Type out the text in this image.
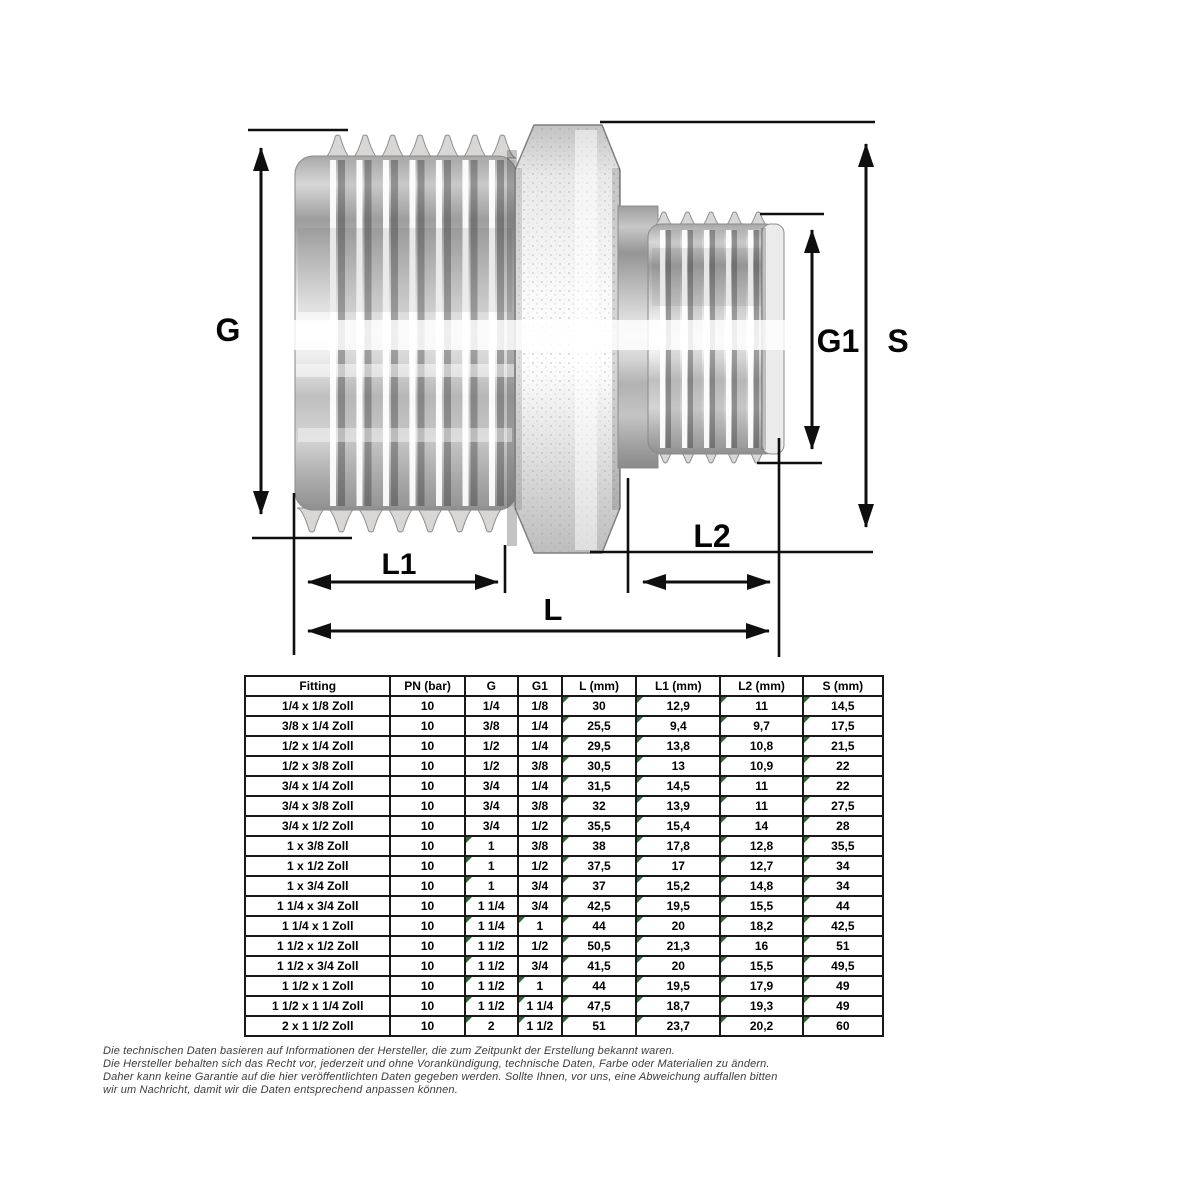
G	G1 S
L1
L2
L
Fitting	PN (bar)	G	G1	L (mm)	L1 (mm)	L2 (mm)	S (mm)
1/4 x 1/8 Zoll	10	1/4	1/8	30	12,9	11	14,5
3/8 x 1/4 Zoll	10	3/8	1/4	25,5	9,4	9,7	17,5
1/2 x 1/4 Zoll	10	1/2	1/4	29,5	13,8	10,8	21,5
1/2 x 3/8 Zoll	10	1/2	3/8	30,5	13	10,9	22
3/4 x 1/4 Zoll	10	3/4	1/4	31,5	14,5	11	22
3/4 x 3/8 Zoll	10	3/4	3/8	32	13,9	11	27,5
3/4 x 1/2 Zoll	10	3/4	1/2	35,5	15,4	14	28
1 x 3/8 Zoll	10	1	3/8	38	17,8	12,8	35,5
1 x 1/2 Zoll	10	1	1/2	37,5	17	12,7	34
1 x 3/4 Zoll	10	1	3/4	37	15,2	14,8	34
1 1/4 x 3/4 Zoll	10	1 1/4	3/4	42,5	19,5	15,5	44
1 1/4 x 1 Zoll	10	1 1/4	1	44	20	18,2	42,5
1 1/2 x 1/2 Zoll	10	1 1/2	1/2	50,5	21,3	16	51
1 1/2 x 3/4 Zoll	10	1 1/2	3/4	41,5	20	15,5	49,5
1 1/2 x 1 Zoll	10	1 1/2	1	44	19,5	17,9	49
1 1/2 x 1 1/4 Zoll	10	1 1/2	1 1/4	47,5	18,7	19,3	49
2 x 1 1/2 Zoll	10	2	1 1/2	51	23,7	20,2	60
Die technischen Daten basieren auf Informationen der Hersteller, die zum Zeitpunkt der Erstellung bekannt waren.
Die Hersteller behalten sich das Recht vor, jederzeit und ohne Vorankündigung, technische Daten, Farbe oder Materialien zu ändern.
Daher kann keine Garantie auf die hier veröffentlichten Daten gegeben werden. Sollte Ihnen, vor uns, eine Abweichung auffallen bitten
wir um Nachricht, damit wir die Daten entsprechend anpassen können.
